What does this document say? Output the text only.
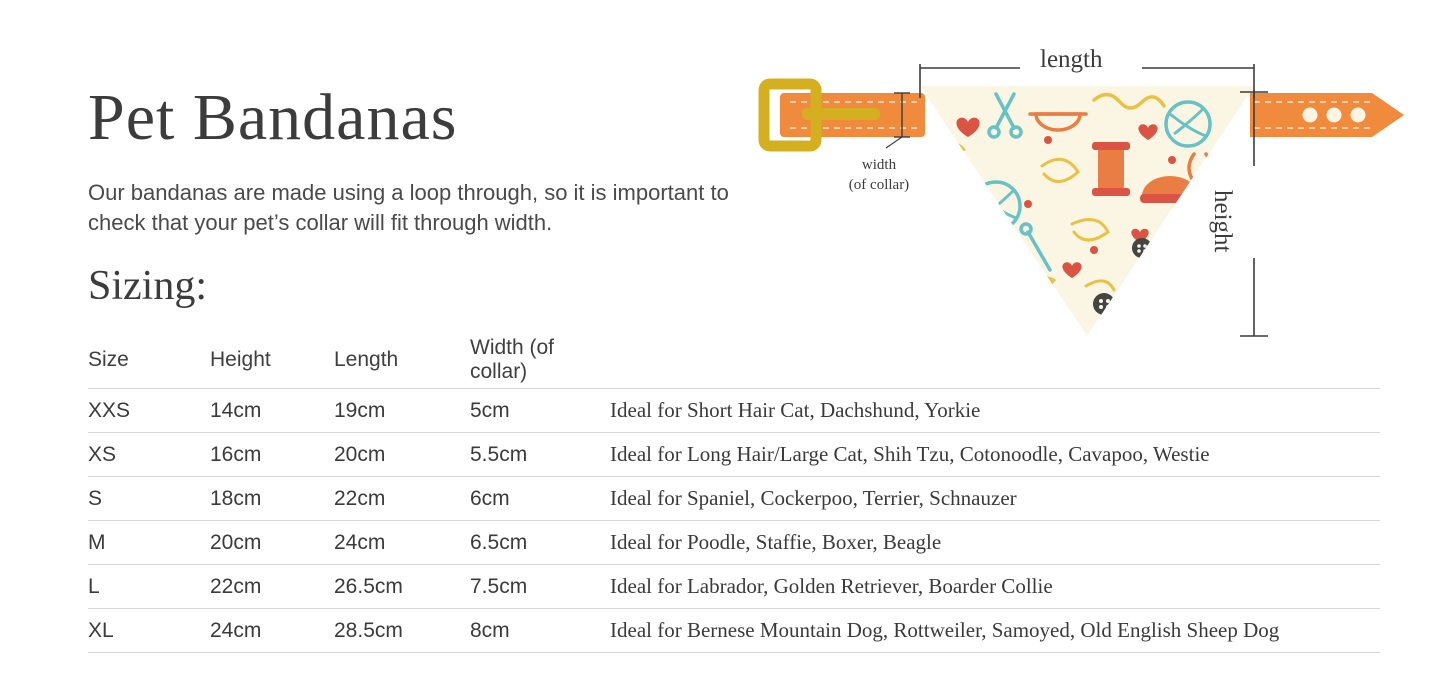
Pet Bandanas
Our bandanas are made using a loop through, so it is important to check that your pet’s collar will fit through width.
Sizing:
length
width
(of collar)
height
Size	Height	Length	Width (of collar)	
XXS	14cm	19cm	5cm	Ideal for Short Hair Cat, Dachshund, Yorkie
XS	16cm	20cm	5.5cm	Ideal for Long Hair/Large Cat, Shih Tzu, Cotonoodle, Cavapoo, Westie
S	18cm	22cm	6cm	Ideal for Spaniel, Cockerpoo, Terrier, Schnauzer
M	20cm	24cm	6.5cm	Ideal for Poodle, Staffie, Boxer, Beagle
L	22cm	26.5cm	7.5cm	Ideal for Labrador, Golden Retriever, Boarder Collie
XL	24cm	28.5cm	8cm	Ideal for Bernese Mountain Dog, Rottweiler, Samoyed, Old English Sheep Dog
